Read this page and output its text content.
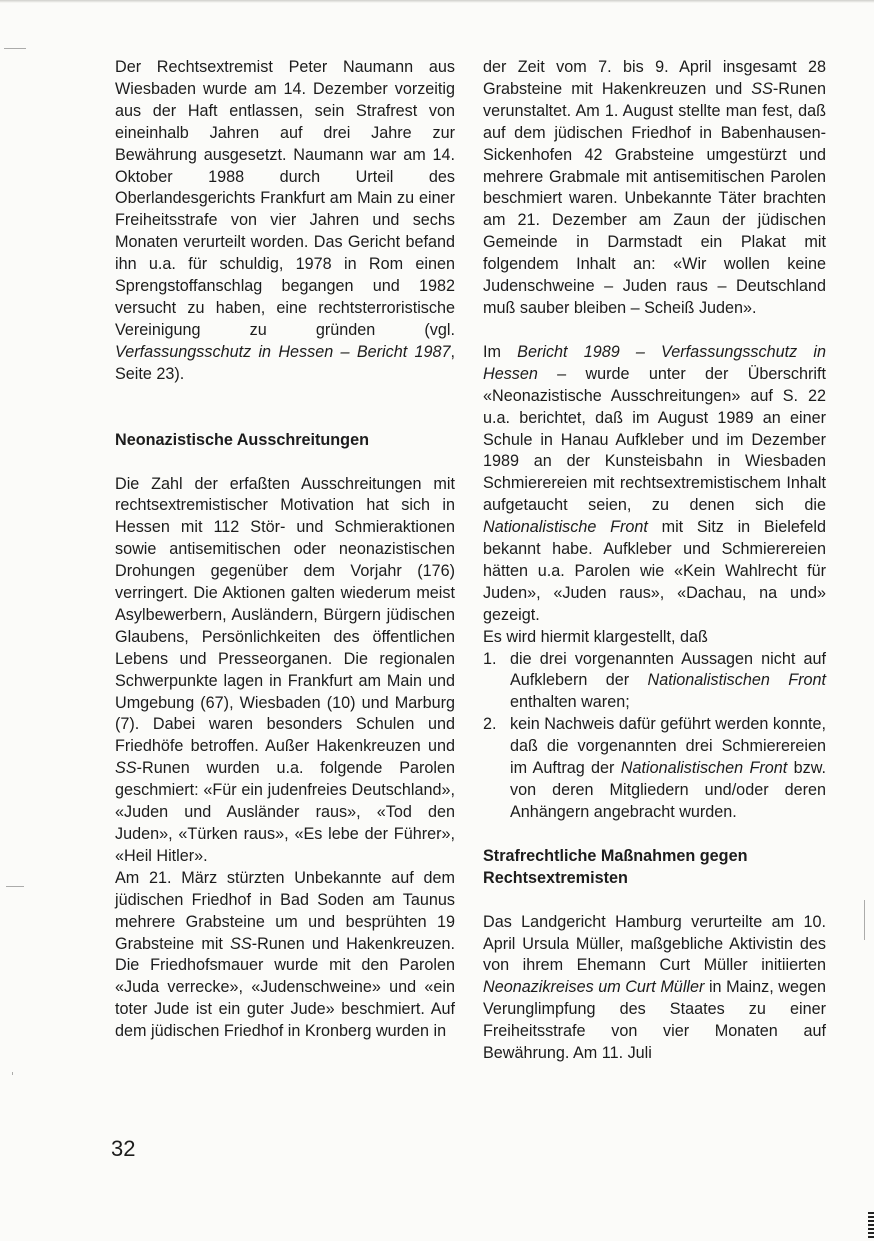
Der Rechtsextremist Peter Naumann aus Wiesbaden wurde am 14. Dezember vorzeitig aus der Haft entlassen, sein Strafrest von eineinhalb Jahren auf drei Jahre zur Bewährung ausgesetzt. Naumann war am 14. Oktober 1988 durch Urteil des Oberlandesgerichts Frankfurt am Main zu einer Freiheitsstrafe von vier Jahren und sechs Monaten verurteilt worden. Das Gericht befand ihn u.a. für schuldig, 1978 in Rom einen Sprengstoffanschlag begangen und 1982 versucht zu haben, eine rechtsterroristische Vereinigung zu gründen (vgl. Verfassungsschutz in Hessen – Bericht 1987, Seite 23).

Neonazistische Ausschreitungen

Die Zahl der erfaßten Ausschreitungen mit rechtsextremistischer Motivation hat sich in Hessen mit 112 Stör- und Schmieraktionen sowie antisemitischen oder neonazistischen Drohungen gegenüber dem Vorjahr (176) verringert. Die Aktionen galten wiederum meist Asylbewerbern, Ausländern, Bürgern jüdischen Glaubens, Persönlichkeiten des öffentlichen Lebens und Presseorganen. Die regionalen Schwerpunkte lagen in Frankfurt am Main und Umgebung (67), Wiesbaden (10) und Marburg (7). Dabei waren besonders Schulen und Friedhöfe betroffen. Außer Hakenkreuzen und SS-Runen wurden u.a. folgende Parolen geschmiert: «Für ein judenfreies Deutschland», «Juden und Ausländer raus», «Tod den Juden», «Türken raus», «Es lebe der Führer», «Heil Hitler».

Am 21. März stürzten Unbekannte auf dem jüdischen Friedhof in Bad Soden am Taunus mehrere Grabsteine um und besprühten 19 Grabsteine mit SS-Runen und Hakenkreuzen. Die Friedhofsmauer wurde mit den Parolen «Juda verrecke», «Judenschweine» und «ein toter Jude ist ein guter Jude» beschmiert. Auf dem jüdischen Friedhof in Kronberg wurden in

der Zeit vom 7. bis 9. April insgesamt 28 Grabsteine mit Hakenkreuzen und SS-Runen verunstaltet. Am 1. August stellte man fest, daß auf dem jüdischen Friedhof in Babenhausen-Sickenhofen 42 Grabsteine umgestürzt und mehrere Grabmale mit antisemitischen Parolen beschmiert waren. Unbekannte Täter brachten am 21. Dezember am Zaun der jüdischen Gemeinde in Darmstadt ein Plakat mit folgendem Inhalt an: «Wir wollen keine Judenschweine – Juden raus – Deutschland muß sauber bleiben – Scheiß Juden».

Im Bericht 1989 – Verfassungsschutz in Hessen – wurde unter der Überschrift «Neonazistische Ausschreitungen» auf S. 22 u.a. berichtet, daß im August 1989 an einer Schule in Hanau Aufkleber und im Dezember 1989 an der Kunsteisbahn in Wiesbaden Schmierereien mit rechtsextremistischem Inhalt aufgetaucht seien, zu denen sich die Nationalistische Front mit Sitz in Bielefeld bekannt habe. Aufkleber und Schmierereien hätten u.a. Parolen wie «Kein Wahlrecht für Juden», «Juden raus», «Dachau, na und» gezeigt.

Es wird hiermit klargestellt, daß

1. die drei vorgenannten Aussagen nicht auf Aufklebern der Nationalistischen Front enthalten waren;
2. kein Nachweis dafür geführt werden konnte, daß die vorgenannten drei Schmierereien im Auftrag der Nationalistischen Front bzw. von deren Mitgliedern und/oder deren Anhängern angebracht wurden.
Strafrechtliche Maßnahmen gegen Rechtsextremisten

Das Landgericht Hamburg verurteilte am 10. April Ursula Müller, maßgebliche Aktivistin des von ihrem Ehemann Curt Müller initiierten Neonazikreises um Curt Müller in Mainz, wegen Verunglimpfung des Staates zu einer Freiheitsstrafe von vier Monaten auf Bewährung. Am 11. Juli

32
